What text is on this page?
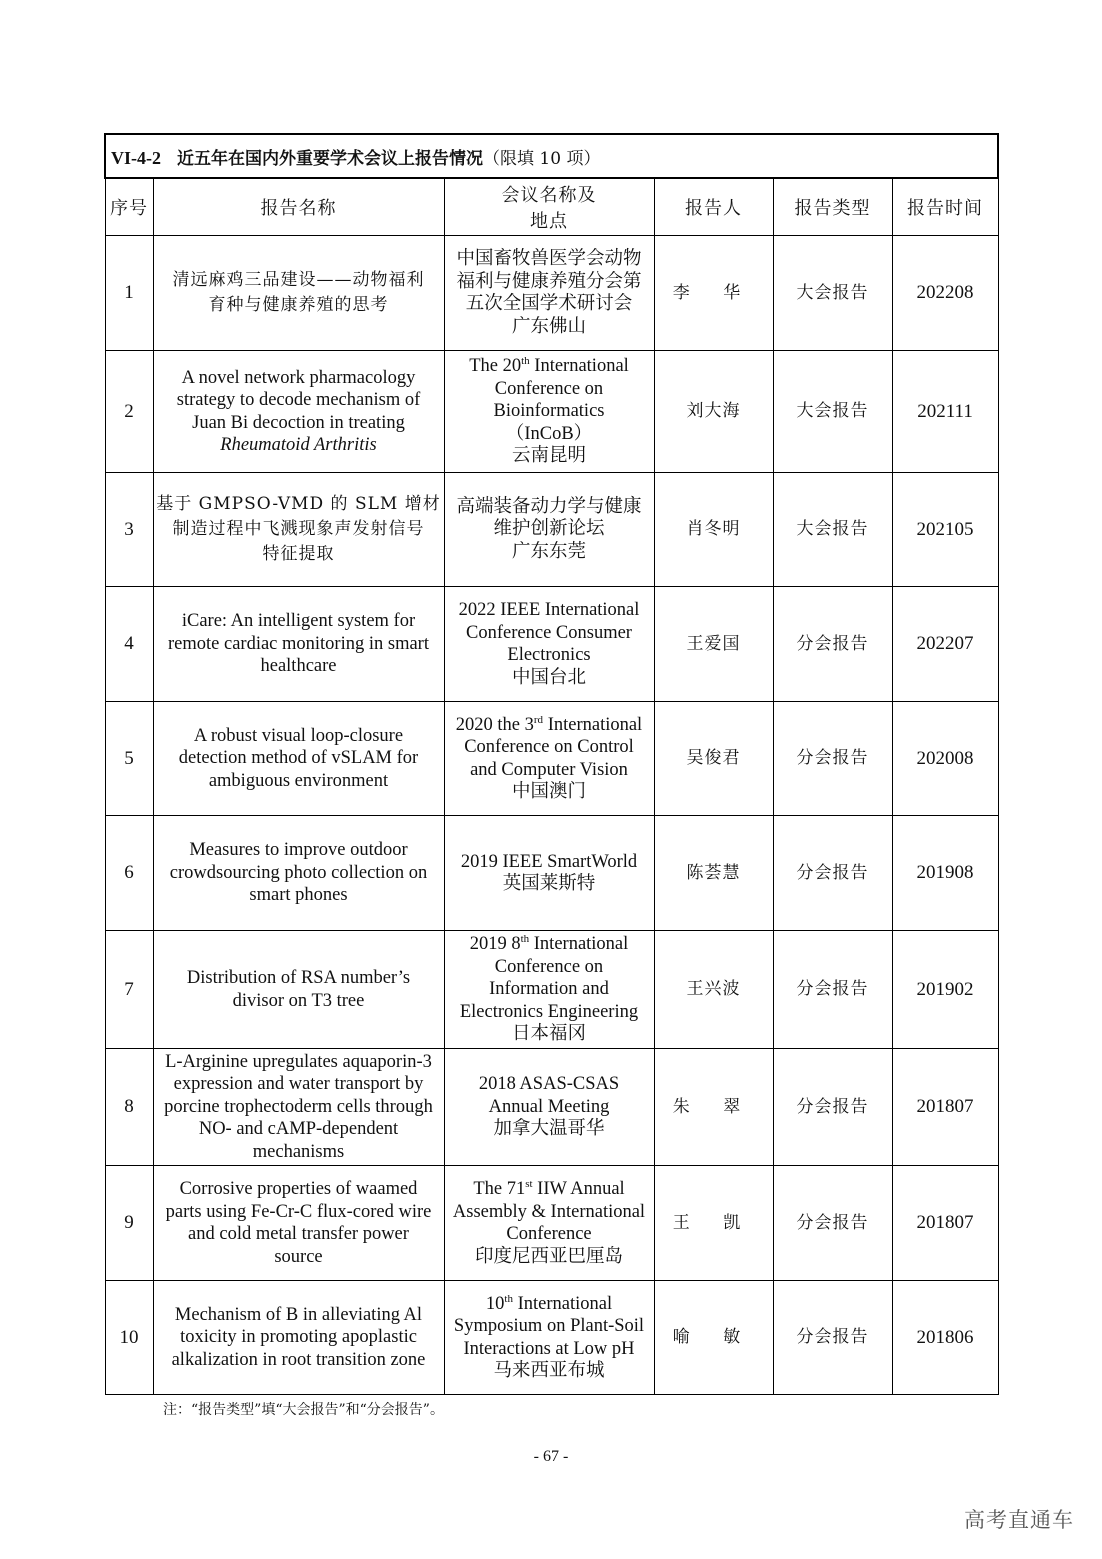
VI-4-2 近五年在国内外重要学术会议上报告情况（限填 10 项）					
序号	报告名称	会议名称及
地点	报告人	报告类型	报告时间
1	清远麻鸡三品建设——动物福利
育种与健康养殖的思考	中国畜牧兽医学会动物
福利与健康养殖分会第
五次全国学术研讨会
广东佛山	李 华	大会报告	202208
2	A novel network pharmacology
strategy to decode mechanism of
Juan Bi decoction in treating
Rheumatoid Arthritis	The 20th International
Conference on
Bioinformatics
（InCoB）
云南昆明	刘大海	大会报告	202111
3	基于 GMPSO-VMD 的 SLM 增材
制造过程中飞溅现象声发射信号
特征提取	高端装备动力学与健康
维护创新论坛
广东东莞	肖冬明	大会报告	202105
4	iCare: An intelligent system for
remote cardiac monitoring in smart
healthcare	2022 IEEE International
Conference Consumer
Electronics
中国台北	王爱国	分会报告	202207
5	A robust visual loop-closure
detection method of vSLAM for
ambiguous environment	2020 the 3rd International
Conference on Control
and Computer Vision
中国澳门	吴俊君	分会报告	202008
6	Measures to improve outdoor
crowdsourcing photo collection on
smart phones	2019 IEEE SmartWorld
英国莱斯特	陈荟慧	分会报告	201908
7	Distribution of RSA number’s
divisor on T3 tree	2019 8th International
Conference on
Information and
Electronics Engineering
日本福冈	王兴波	分会报告	201902
8	L-Arginine upregulates aquaporin-3
expression and water transport by
porcine trophectoderm cells through
NO- and cAMP-dependent
mechanisms	2018 ASAS-CSAS
Annual Meeting
加拿大温哥华	朱 翠	分会报告	201807
9	Corrosive properties of waamed
parts using Fe-Cr-C flux-cored wire
and cold metal transfer power
source	The 71st IIW Annual
Assembly & International
Conference
印度尼西亚巴厘岛	王 凯	分会报告	201807
10	Mechanism of B in alleviating Al
toxicity in promoting apoplastic
alkalization in root transition zone	10th International
Symposium on Plant-Soil
Interactions at Low pH
马来西亚布城	喻 敏	分会报告	201806
注：“报告类型”填“大会报告”和“分会报告”。
- 67 -
高考直通车
